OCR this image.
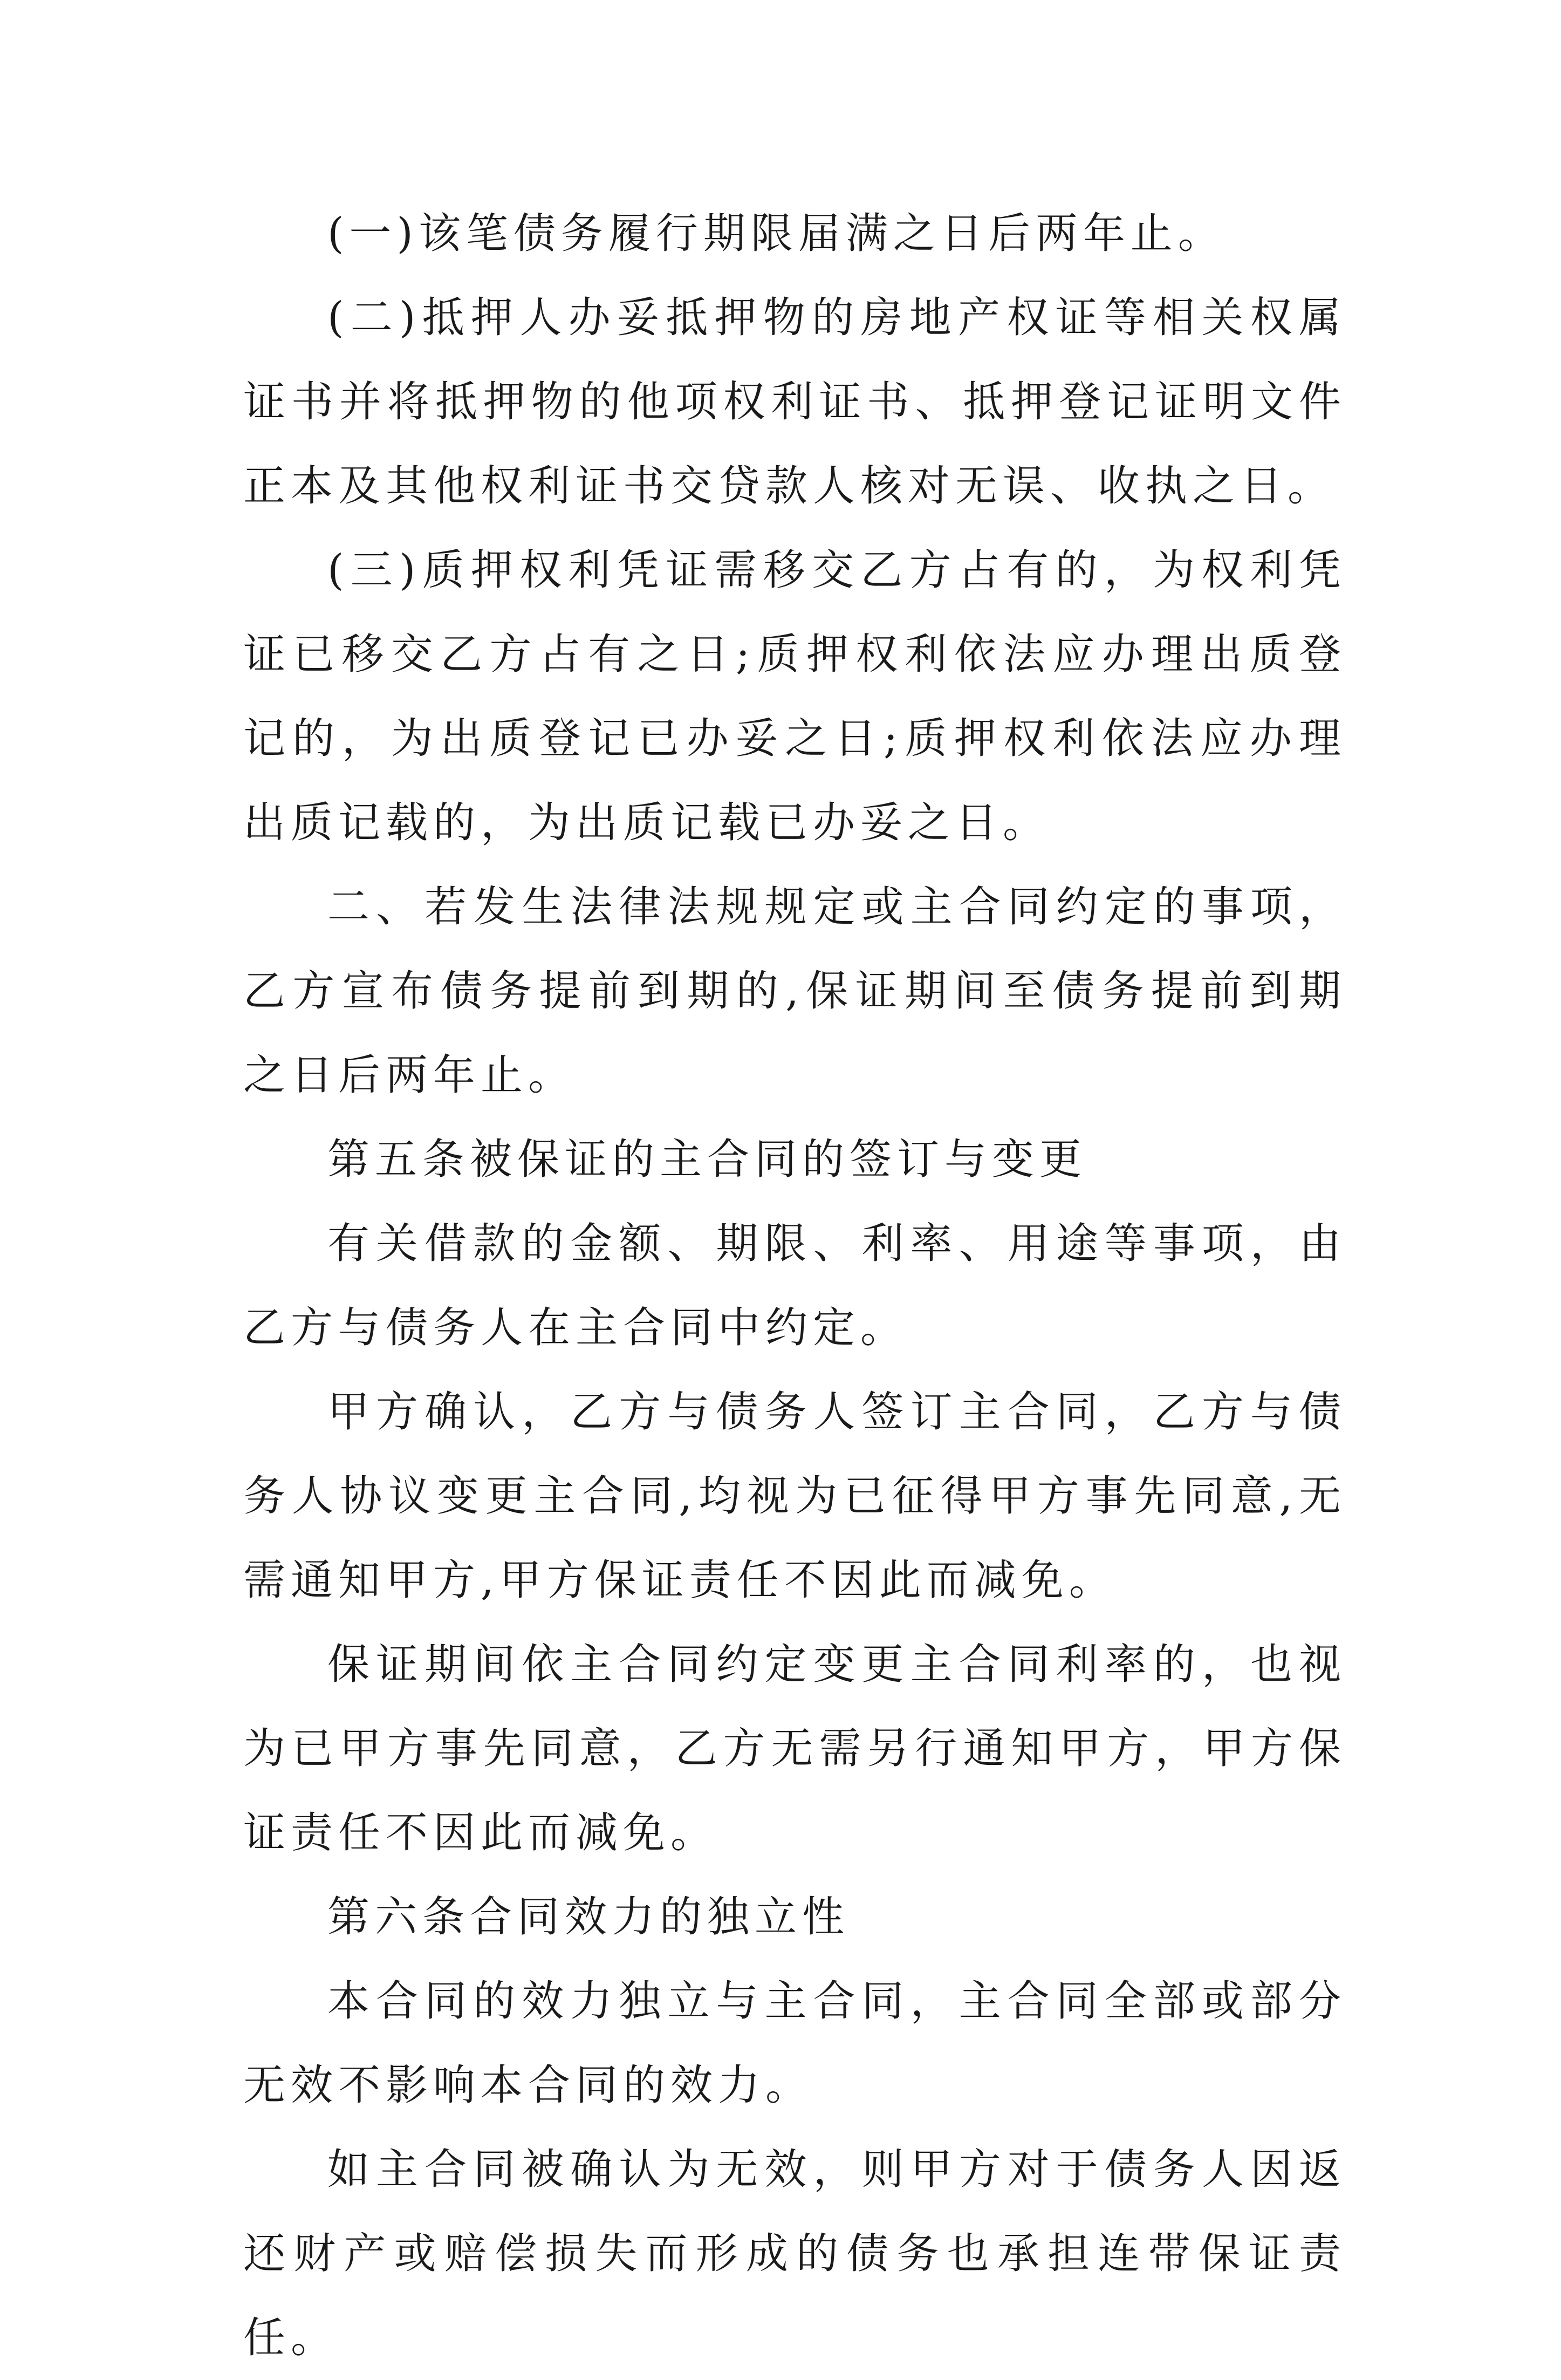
(一)该笔债务履行期限届满之日后两年止。

(二)抵押人办妥抵押物的房地产权证等相关权属证书并将抵押物的他项权利证书、抵押登记证明文件正本及其他权利证书交贷款人核对无误、收执之日。

(三)质押权利凭证需移交乙方占有的，为权利凭证已移交乙方占有之日;质押权利依法应办理出质登记的，为出质登记已办妥之日;质押权利依法应办理出质记载的，为出质记载已办妥之日。

二、若发生法律法规规定或主合同约定的事项，乙方宣布债务提前到期的,保证期间至债务提前到期之日后两年止。

第五条被保证的主合同的签订与变更

有关借款的金额、期限、利率、用途等事项，由乙方与债务人在主合同中约定。

甲方确认，乙方与债务人签订主合同，乙方与债务人协议变更主合同,均视为已征得甲方事先同意,无需通知甲方,甲方保证责任不因此而减免。

保证期间依主合同约定变更主合同利率的，也视为已甲方事先同意，乙方无需另行通知甲方，甲方保证责任不因此而减免。

第六条合同效力的独立性

本合同的效力独立与主合同，主合同全部或部分无效不影响本合同的效力。

如主合同被确认为无效，则甲方对于债务人因返还财产或赔偿损失而形成的债务也承担连带保证责任。
